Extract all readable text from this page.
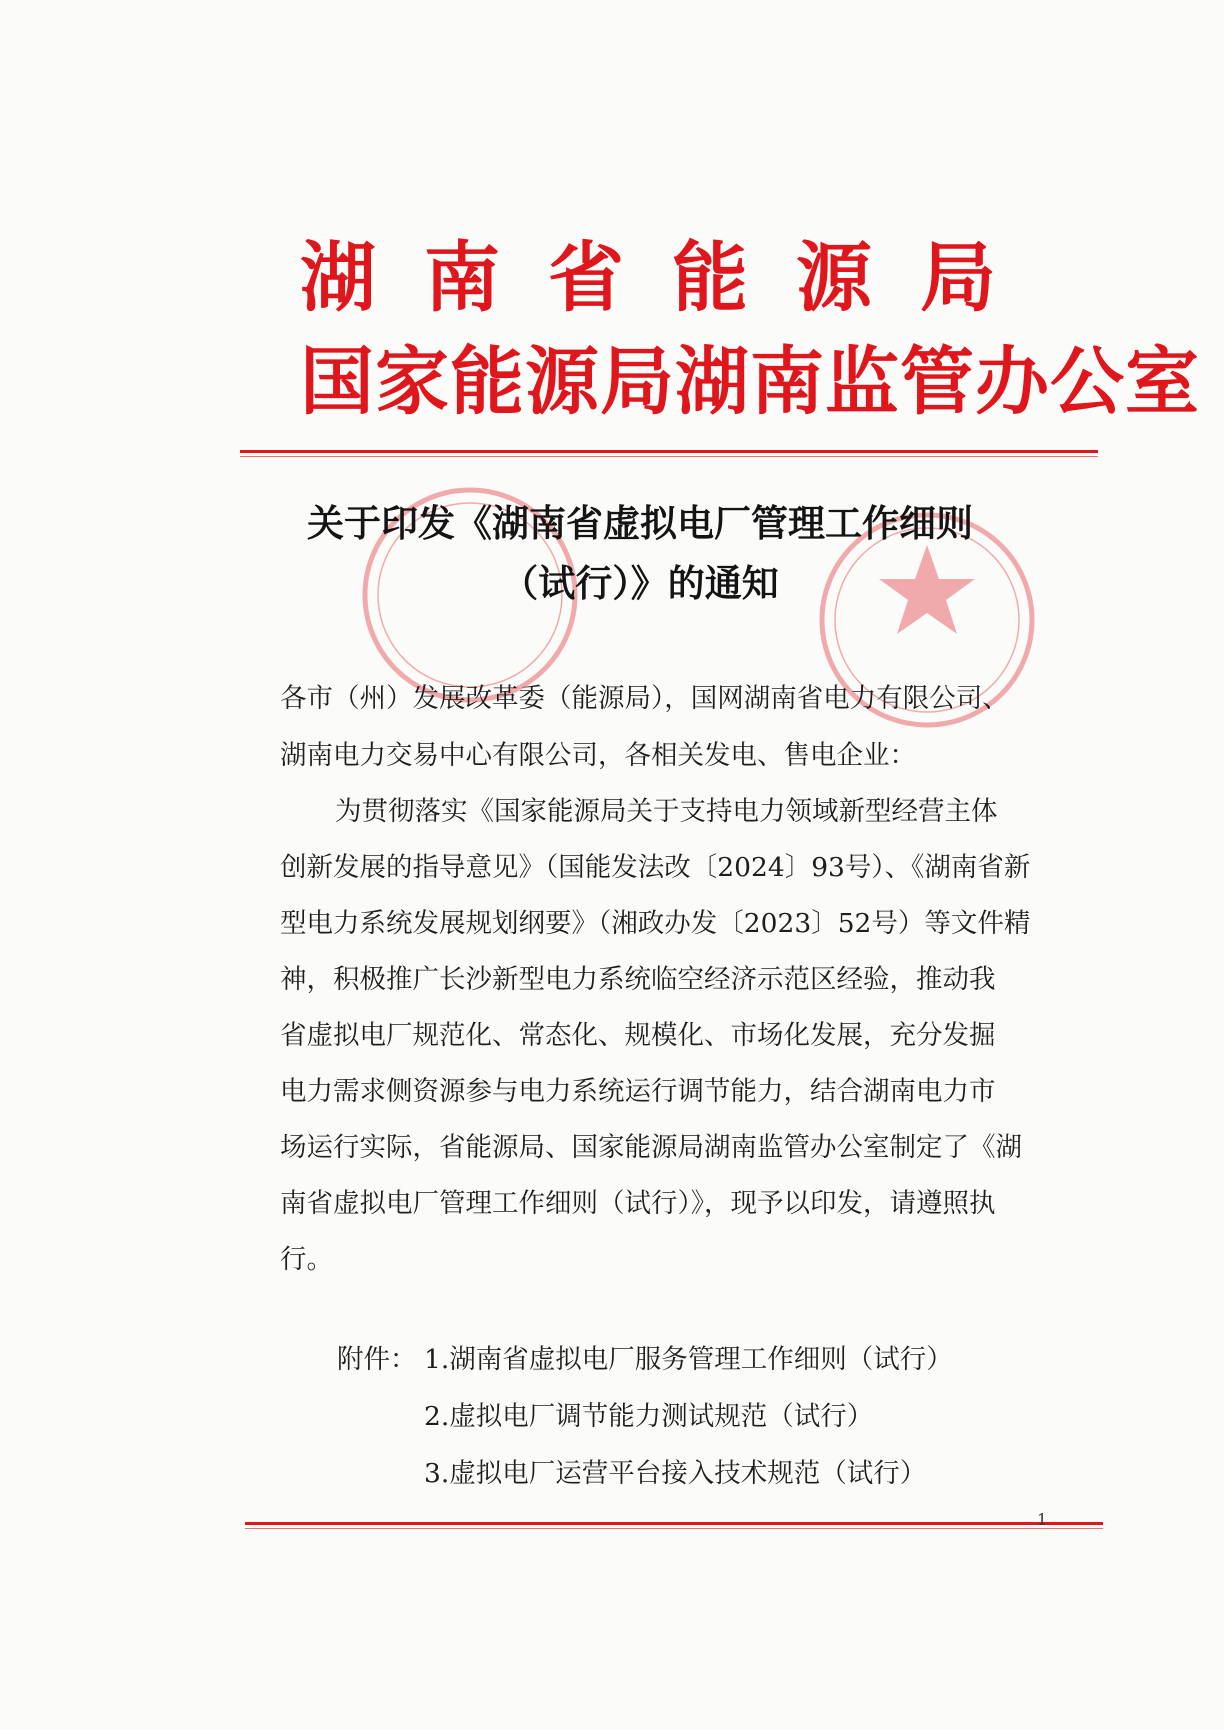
湖南省能源局
国家能源局湖南监管办公室
关于印发《湖南省虚拟电厂管理工作细则
（试行）》的通知
各市（州）发展改革委（能源局），国网湖南省电力有限公司、
湖南电力交易中心有限公司，各相关发电、售电企业：
为贯彻落实《国家能源局关于支持电力领域新型经营主体
创新发展的指导意见》（国能发法改〔2024〕93号）、《湖南省新
型电力系统发展规划纲要》（湘政办发〔2023〕52号）等文件精
神，积极推广长沙新型电力系统临空经济示范区经验，推动我
省虚拟电厂规范化、常态化、规模化、市场化发展，充分发掘
电力需求侧资源参与电力系统运行调节能力，结合湖南电力市
场运行实际，省能源局、国家能源局湖南监管办公室制定了《湖
南省虚拟电厂管理工作细则（试行）》，现予以印发，请遵照执
行。
附件： 1.湖南省虚拟电厂服务管理工作细则（试行）
2.虚拟电厂调节能力测试规范（试行）
3.虚拟电厂运营平台接入技术规范（试行）
1
